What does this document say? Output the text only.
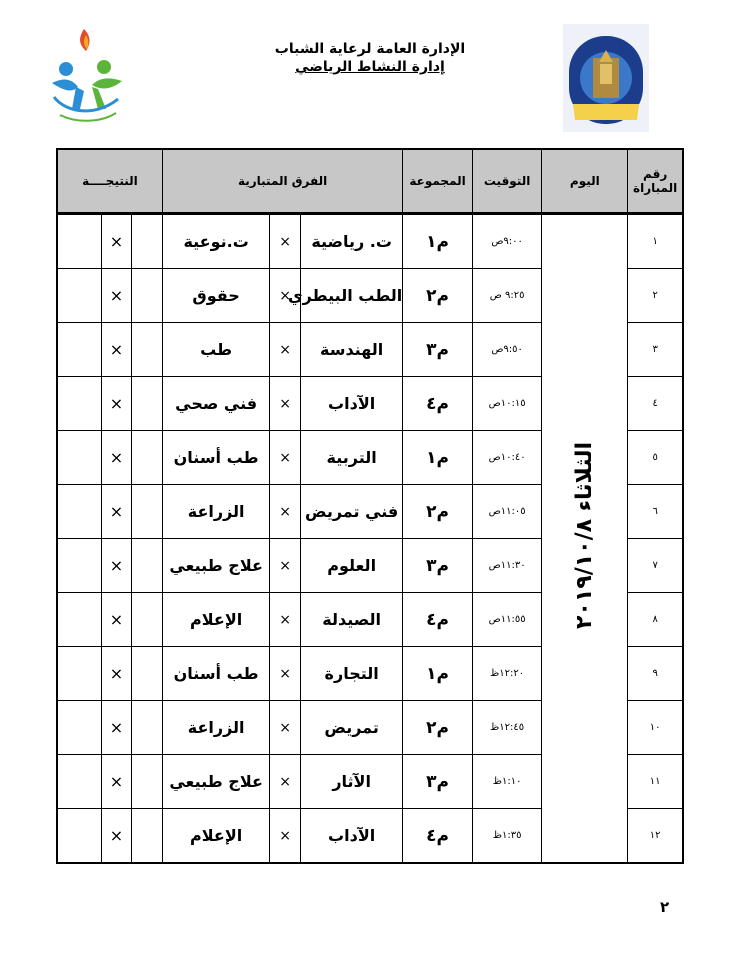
الإدارة العامة لرعاية الشباب
إدارة النشاط الرياضي
رقم المباراة	اليوم	التوقيت	المجموعة	الفرق المتبارية			النتيجــــة		
١	الثلاثاء ٢٠١٩/١٠/٨	٩:٠٠ص	م١	ت. رياضية	×	ت.نوعية		×	
٢		٩:٢٥ ص	م٢	الطب البيطري	×	حقوق		×	
٣		٩:٥٠ص	م٣	الهندسة	×	طب		×	
٤		١٠:١٥ص	م٤	الآداب	×	فني صحي		×	
٥		١٠:٤٠ص	م١	التربية	×	طب أسنان		×	
٦		١١:٠٥ص	م٢	فني تمريض	×	الزراعة		×	
٧		١١:٣٠ص	م٣	العلوم	×	علاج طبيعي		×	
٨		١١:٥٥ص	م٤	الصيدلة	×	الإعلام		×	
٩		١٢:٢٠ظ	م١	التجارة	×	طب أسنان		×	
١٠		١٢:٤٥ظ	م٢	تمريض	×	الزراعة		×	
١١		١:١٠ظ	م٣	الآثار	×	علاج طبيعي		×	
١٢		١:٣٥ظ	م٤	الآداب	×	الإعلام		×	
٢
